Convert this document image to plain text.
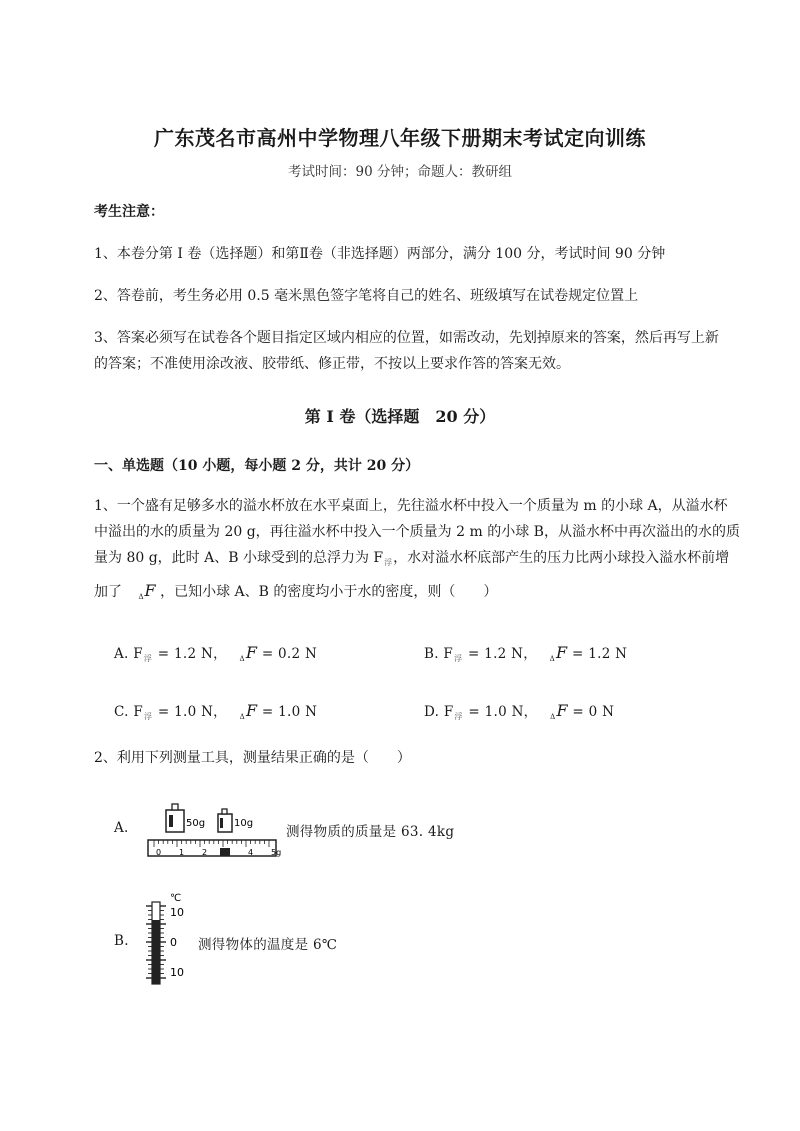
广东茂名市高州中学物理八年级下册期末考试定向训练
考试时间：90 分钟；命题人：教研组
考生注意：
1、本卷分第 I 卷（选择题）和第Ⅱ卷（非选择题）两部分，满分 100 分，考试时间 90 分钟
2、答卷前，考生务必用 0.5 毫米黑色签字笔将自己的姓名、班级填写在试卷规定位置上
3、答案必须写在试卷各个题目指定区域内相应的位置，如需改动，先划掉原来的答案，然后再写上新
的答案；不准使用涂改液、胶带纸、修正带，不按以上要求作答的答案无效。
第 I 卷（选择题　20 分）
一、单选题（10 小题，每小题 2 分，共计 20 分）
1、一个盛有足够多水的溢水杯放在水平桌面上，先往溢水杯中投入一个质量为 m 的小球 A，从溢水杯
中溢出的水的质量为 20 g，再往溢水杯中投入一个质量为 2 m 的小球 B，从溢水杯中再次溢出的水的质
量为 80 g，此时 A、B 小球受到的总浮力为 $F_浮$，水对溢水杯底部产生的压力比两小球投入溢水杯前增
加了 $_\Delta$F ，已知小球 A、B 的密度均小于水的密度，则（　　）
A. $F_浮 = 1.2$ N， $_\Delta$F = 0.2 N	B. $F_浮 = 1.2$ N， $_\Delta$F = 1.2 N
C. $F_浮 = 1.0$ N， $_\Delta$F = 1.0 N	D. $F_浮 = 1.0$ N， $_\Delta$F = 0 N
2、利用下列测量工具，测量结果正确的是（　　）
A.	50g	10g
0 1 2	4 5g
测得物质的质量是 63. 4kg
B.
℃
10
0
10
测得物体的温度是 6℃
